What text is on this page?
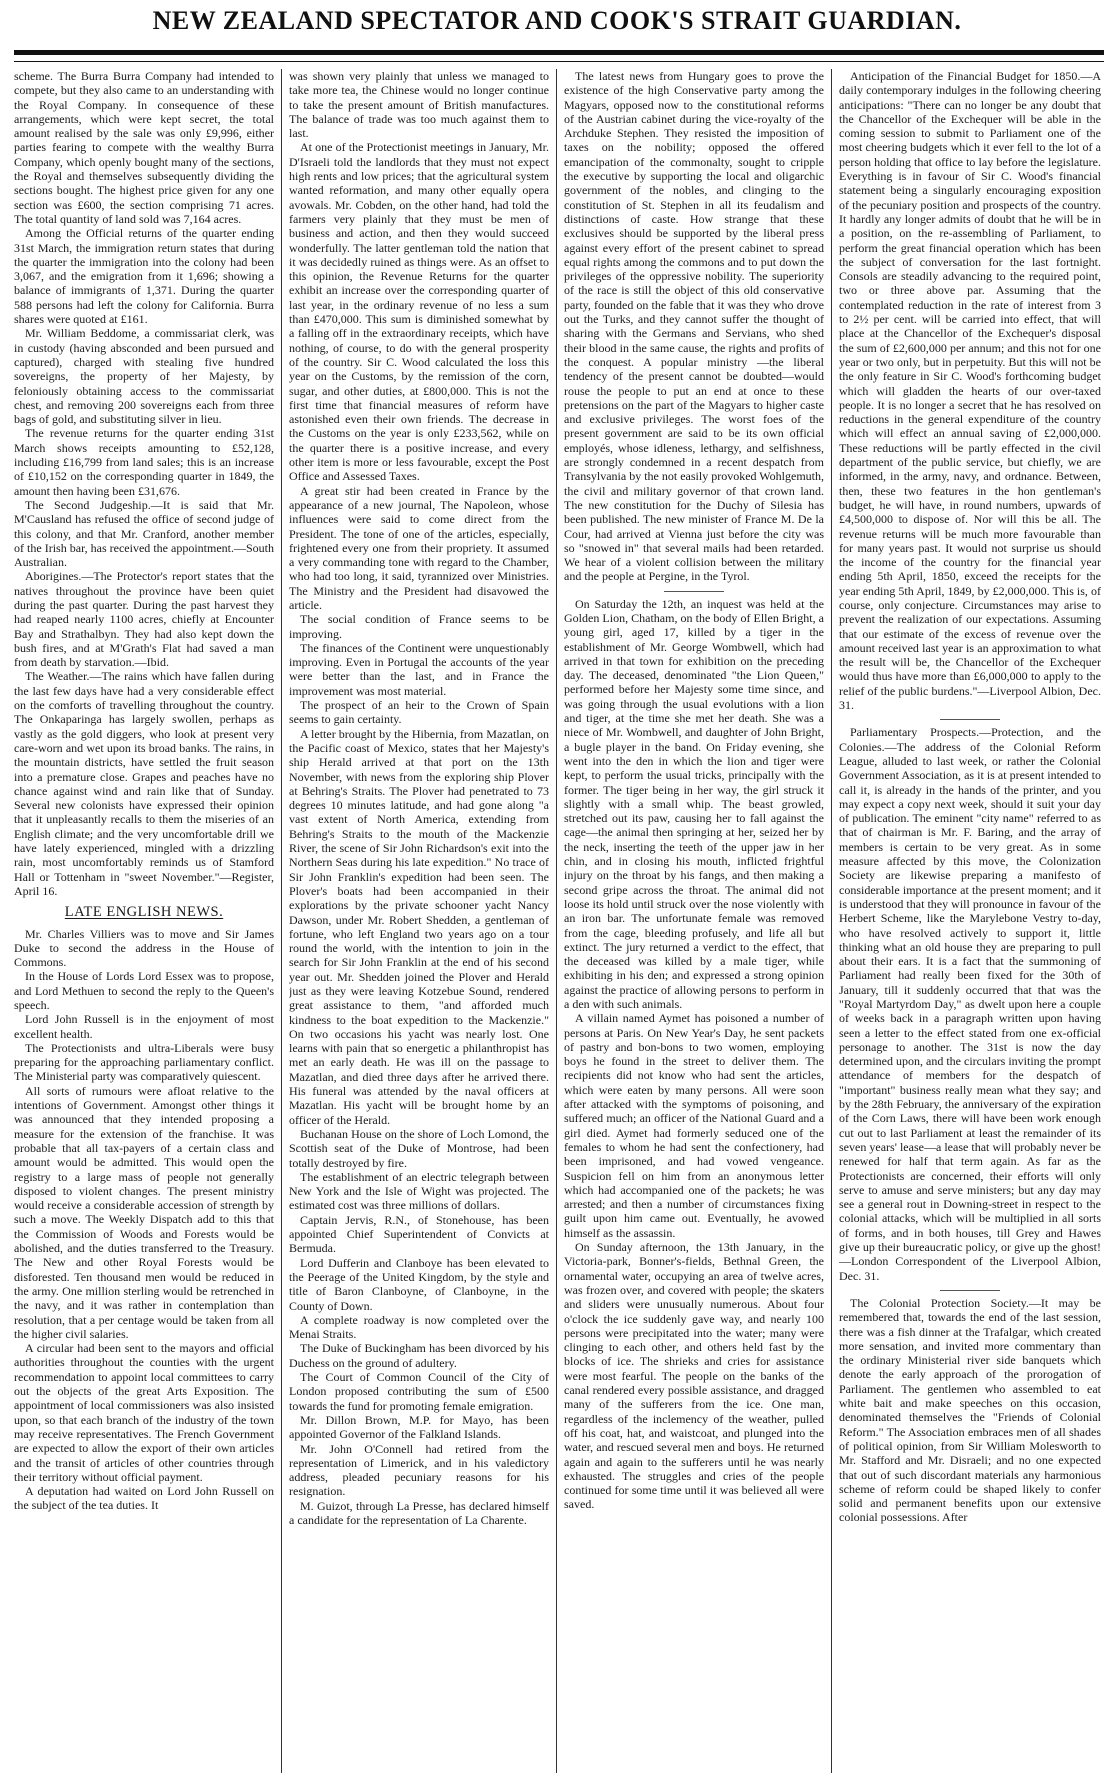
NEW ZEALAND SPECTATOR AND COOK'S STRAIT GUARDIAN.

scheme. The Burra Burra Company had intended to compete, but they also came to an understanding with the Royal Company. In consequence of these arrangements, which were kept secret, the total amount realised by the sale was only £9,996, either parties fearing to compete with the wealthy Burra Company, which openly bought many of the sections, the Royal and themselves subsequently dividing the sections bought. The highest price given for any one section was £600, the section comprising 71 acres. The total quantity of land sold was 7,164 acres.

Among the Official returns of the quarter ending 31st March, the immigration return states that during the quarter the immigration into the colony had been 3,067, and the emigration from it 1,696; showing a balance of immigrants of 1,371. During the quarter 588 persons had left the colony for California. Burra shares were quoted at £161.

Mr. William Beddome, a commissariat clerk, was in custody (having absconded and been pursued and captured), charged with stealing five hundred sovereigns, the property of her Majesty, by feloniously obtaining access to the commissariat chest, and removing 200 sovereigns each from three bags of gold, and substituting silver in lieu.

The revenue returns for the quarter ending 31st March shows receipts amounting to £52,128, including £16,799 from land sales; this is an increase of £10,152 on the corresponding quarter in 1849, the amount then having been £31,676.

The Second Judgeship.—It is said that Mr. M'Causland has refused the office of second judge of this colony, and that Mr. Cranford, another member of the Irish bar, has received the appointment.—South Australian.

Aborigines.—The Protector's report states that the natives throughout the province have been quiet during the past quarter. During the past harvest they had reaped nearly 1100 acres, chiefly at Encounter Bay and Strathalbyn. They had also kept down the bush fires, and at M'Grath's Flat had saved a man from death by starvation.—Ibid.

The Weather.—The rains which have fallen during the last few days have had a very considerable effect on the comforts of travelling throughout the country. The Onkaparinga has largely swollen, perhaps as vastly as the gold diggers, who look at present very care-worn and wet upon its broad banks. The rains, in the mountain districts, have settled the fruit season into a premature close. Grapes and peaches have no chance against wind and rain like that of Sunday. Several new colonists have expressed their opinion that it unpleasantly recalls to them the miseries of an English climate; and the very uncomfortable drill we have lately experienced, mingled with a drizzling rain, most uncomfortably reminds us of Stamford Hall or Tottenham in "sweet November."—Register, April 16.

LATE ENGLISH NEWS.

Mr. Charles Villiers was to move and Sir James Duke to second the address in the House of Commons.

In the House of Lords Lord Essex was to propose, and Lord Methuen to second the reply to the Queen's speech.

Lord John Russell is in the enjoyment of most excellent health.

The Protectionists and ultra-Liberals were busy preparing for the approaching parliamentary conflict. The Ministerial party was comparatively quiescent.

All sorts of rumours were afloat relative to the intentions of Government. Amongst other things it was announced that they intended proposing a measure for the extension of the franchise. It was probable that all tax-payers of a certain class and amount would be admitted. This would open the registry to a large mass of people not generally disposed to violent changes. The present ministry would receive a considerable accession of strength by such a move. The Weekly Dispatch add to this that the Commission of Woods and Forests would be abolished, and the duties transferred to the Treasury. The New and other Royal Forests would be disforested. Ten thousand men would be reduced in the army. One million sterling would be retrenched in the navy, and it was rather in contemplation than resolution, that a per centage would be taken from all the higher civil salaries.

A circular had been sent to the mayors and official authorities throughout the counties with the urgent recommendation to appoint local committees to carry out the objects of the great Arts Exposition. The appointment of local commissioners was also insisted upon, so that each branch of the industry of the town may receive representatives. The French Government are expected to allow the export of their own articles and the transit of articles of other countries through their territory without official payment.

A deputation had waited on Lord John Russell on the subject of the tea duties. It

was shown very plainly that unless we managed to take more tea, the Chinese would no longer continue to take the present amount of British manufactures. The balance of trade was too much against them to last.

At one of the Protectionist meetings in January, Mr. D'Israeli told the landlords that they must not expect high rents and low prices; that the agricultural system wanted reformation, and many other equally opera avowals. Mr. Cobden, on the other hand, had told the farmers very plainly that they must be men of business and action, and then they would succeed wonderfully. The latter gentleman told the nation that it was decidedly ruined as things were. As an offset to this opinion, the Revenue Returns for the quarter exhibit an increase over the corresponding quarter of last year, in the ordinary revenue of no less a sum than £470,000. This sum is diminished somewhat by a falling off in the extraordinary receipts, which have nothing, of course, to do with the general prosperity of the country. Sir C. Wood calculated the loss this year on the Customs, by the remission of the corn, sugar, and other duties, at £800,000. This is not the first time that financial measures of reform have astonished even their own friends. The decrease in the Customs on the year is only £233,562, while on the quarter there is a positive increase, and every other item is more or less favourable, except the Post Office and Assessed Taxes.

A great stir had been created in France by the appearance of a new journal, The Napoleon, whose influences were said to come direct from the President. The tone of one of the articles, especially, frightened every one from their propriety. It assumed a very commanding tone with regard to the Chamber, who had too long, it said, tyrannized over Ministries. The Ministry and the President had disavowed the article.

The social condition of France seems to be improving.

The finances of the Continent were unquestionably improving. Even in Portugal the accounts of the year were better than the last, and in France the improvement was most material.

The prospect of an heir to the Crown of Spain seems to gain certainty.

A letter brought by the Hibernia, from Mazatlan, on the Pacific coast of Mexico, states that her Majesty's ship Herald arrived at that port on the 13th November, with news from the exploring ship Plover at Behring's Straits. The Plover had penetrated to 73 degrees 10 minutes latitude, and had gone along "a vast extent of North America, extending from Behring's Straits to the mouth of the Mackenzie River, the scene of Sir John Richardson's exit into the Northern Seas during his late expedition." No trace of Sir John Franklin's expedition had been seen. The Plover's boats had been accompanied in their explorations by the private schooner yacht Nancy Dawson, under Mr. Robert Shedden, a gentleman of fortune, who left England two years ago on a tour round the world, with the intention to join in the search for Sir John Franklin at the end of his second year out. Mr. Shedden joined the Plover and Herald just as they were leaving Kotzebue Sound, rendered great assistance to them, "and afforded much kindness to the boat expedition to the Mackenzie." On two occasions his yacht was nearly lost. One learns with pain that so energetic a philanthropist has met an early death. He was ill on the passage to Mazatlan, and died three days after he arrived there. His funeral was attended by the naval officers at Mazatlan. His yacht will be brought home by an officer of the Herald.

Buchanan House on the shore of Loch Lomond, the Scottish seat of the Duke of Montrose, had been totally destroyed by fire.

The establishment of an electric telegraph between New York and the Isle of Wight was projected. The estimated cost was three millions of dollars.

Captain Jervis, R.N., of Stonehouse, has been appointed Chief Superintendent of Convicts at Bermuda.

Lord Dufferin and Clanboye has been elevated to the Peerage of the United Kingdom, by the style and title of Baron Clanboyne, of Clanboyne, in the County of Down.

A complete roadway is now completed over the Menai Straits.

The Duke of Buckingham has been divorced by his Duchess on the ground of adultery.

The Court of Common Council of the City of London proposed contributing the sum of £500 towards the fund for promoting female emigration.

Mr. Dillon Brown, M.P. for Mayo, has been appointed Governor of the Falkland Islands.

Mr. John O'Connell had retired from the representation of Limerick, and in his valedictory address, pleaded pecuniary reasons for his resignation.

M. Guizot, through La Presse, has declared himself a candidate for the representation of La Charente.

The latest news from Hungary goes to prove the existence of the high Conservative party among the Magyars, opposed now to the constitutional reforms of the Austrian cabinet during the vice-royalty of the Archduke Stephen. They resisted the imposition of taxes on the nobility; opposed the offered emancipation of the commonalty, sought to cripple the executive by supporting the local and oligarchic government of the nobles, and clinging to the constitution of St. Stephen in all its feudalism and distinctions of caste. How strange that these exclusives should be supported by the liberal press against every effort of the present cabinet to spread equal rights among the commons and to put down the privileges of the oppressive nobility. The superiority of the race is still the object of this old conservative party, founded on the fable that it was they who drove out the Turks, and they cannot suffer the thought of sharing with the Germans and Servians, who shed their blood in the same cause, the rights and profits of the conquest. A popular ministry —the liberal tendency of the present cannot be doubted—would rouse the people to put an end at once to these pretensions on the part of the Magyars to higher caste and exclusive privileges. The worst foes of the present government are said to be its own official employés, whose idleness, lethargy, and selfishness, are strongly condemned in a recent despatch from Transylvania by the not easily provoked Wohlgemuth, the civil and military governor of that crown land. The new constitution for the Duchy of Silesia has been published. The new minister of France M. De la Cour, had arrived at Vienna just before the city was so "snowed in" that several mails had been retarded. We hear of a violent collision between the military and the people at Pergine, in the Tyrol.

On Saturday the 12th, an inquest was held at the Golden Lion, Chatham, on the body of Ellen Bright, a young girl, aged 17, killed by a tiger in the establishment of Mr. George Wombwell, which had arrived in that town for exhibition on the preceding day. The deceased, denominated "the Lion Queen," performed before her Majesty some time since, and was going through the usual evolutions with a lion and tiger, at the time she met her death. She was a niece of Mr. Wombwell, and daughter of John Bright, a bugle player in the band. On Friday evening, she went into the den in which the lion and tiger were kept, to perform the usual tricks, principally with the former. The tiger being in her way, the girl struck it slightly with a small whip. The beast growled, stretched out its paw, causing her to fall against the cage—the animal then springing at her, seized her by the neck, inserting the teeth of the upper jaw in her chin, and in closing his mouth, inflicted frightful injury on the throat by his fangs, and then making a second gripe across the throat. The animal did not loose its hold until struck over the nose violently with an iron bar. The unfortunate female was removed from the cage, bleeding profusely, and life all but extinct. The jury returned a verdict to the effect, that the deceased was killed by a male tiger, while exhibiting in his den; and expressed a strong opinion against the practice of allowing persons to perform in a den with such animals.

A villain named Aymet has poisoned a number of persons at Paris. On New Year's Day, he sent packets of pastry and bon-bons to two women, employing boys he found in the street to deliver them. The recipients did not know who had sent the articles, which were eaten by many persons. All were soon after attacked with the symptoms of poisoning, and suffered much; an officer of the National Guard and a girl died. Aymet had formerly seduced one of the females to whom he had sent the confectionery, had been imprisoned, and had vowed vengeance. Suspicion fell on him from an anonymous letter which had accompanied one of the packets; he was arrested; and then a number of circumstances fixing guilt upon him came out. Eventually, he avowed himself as the assassin.

On Sunday afternoon, the 13th January, in the Victoria-park, Bonner's-fields, Bethnal Green, the ornamental water, occupying an area of twelve acres, was frozen over, and covered with people; the skaters and sliders were unusually numerous. About four o'clock the ice suddenly gave way, and nearly 100 persons were precipitated into the water; many were clinging to each other, and others held fast by the blocks of ice. The shrieks and cries for assistance were most fearful. The people on the banks of the canal rendered every possible assistance, and dragged many of the sufferers from the ice. One man, regardless of the inclemency of the weather, pulled off his coat, hat, and waistcoat, and plunged into the water, and rescued several men and boys. He returned again and again to the sufferers until he was nearly exhausted. The struggles and cries of the people continued for some time until it was believed all were saved.

Anticipation of the Financial Budget for 1850.—A daily contemporary indulges in the following cheering anticipations: "There can no longer be any doubt that the Chancellor of the Exchequer will be able in the coming session to submit to Parliament one of the most cheering budgets which it ever fell to the lot of a person holding that office to lay before the legislature. Everything is in favour of Sir C. Wood's financial statement being a singularly encouraging exposition of the pecuniary position and prospects of the country. It hardly any longer admits of doubt that he will be in a position, on the re-assembling of Parliament, to perform the great financial operation which has been the subject of conversation for the last fortnight. Consols are steadily advancing to the required point, two or three above par. Assuming that the contemplated reduction in the rate of interest from 3 to 2½ per cent. will be carried into effect, that will place at the Chancellor of the Exchequer's disposal the sum of £2,600,000 per annum; and this not for one year or two only, but in perpetuity. But this will not be the only feature in Sir C. Wood's forthcoming budget which will gladden the hearts of our over-taxed people. It is no longer a secret that he has resolved on reductions in the general expenditure of the country which will effect an annual saving of £2,000,000. These reductions will be partly effected in the civil department of the public service, but chiefly, we are informed, in the army, navy, and ordnance. Between, then, these two features in the hon gentleman's budget, he will have, in round numbers, upwards of £4,500,000 to dispose of. Nor will this be all. The revenue returns will be much more favourable than for many years past. It would not surprise us should the income of the country for the financial year ending 5th April, 1850, exceed the receipts for the year ending 5th April, 1849, by £2,000,000. This is, of course, only conjecture. Circumstances may arise to prevent the realization of our expectations. Assuming that our estimate of the excess of revenue over the amount received last year is an approximation to what the result will be, the Chancellor of the Exchequer would thus have more than £6,000,000 to apply to the relief of the public burdens."—Liverpool Albion, Dec. 31.

Parliamentary Prospects.—Protection, and the Colonies.—The address of the Colonial Reform League, alluded to last week, or rather the Colonial Government Association, as it is at present intended to call it, is already in the hands of the printer, and you may expect a copy next week, should it suit your day of publication. The eminent "city name" referred to as that of chairman is Mr. F. Baring, and the array of members is certain to be very great. As in some measure affected by this move, the Colonization Society are likewise preparing a manifesto of considerable importance at the present moment; and it is understood that they will pronounce in favour of the Herbert Scheme, like the Marylebone Vestry to-day, who have resolved actively to support it, little thinking what an old house they are preparing to pull about their ears. It is a fact that the summoning of Parliament had really been fixed for the 30th of January, till it suddenly occurred that that was the "Royal Martyrdom Day," as dwelt upon here a couple of weeks back in a paragraph written upon having seen a letter to the effect stated from one ex-official personage to another. The 31st is now the day determined upon, and the circulars inviting the prompt attendance of members for the despatch of "important" business really mean what they say; and by the 28th February, the anniversary of the expiration of the Corn Laws, there will have been work enough cut out to last Parliament at least the remainder of its seven years' lease—a lease that will probably never be renewed for half that term again. As far as the Protectionists are concerned, their efforts will only serve to amuse and serve ministers; but any day may see a general rout in Downing-street in respect to the colonial attacks, which will be multiplied in all sorts of forms, and in both houses, till Grey and Hawes give up their bureaucratic policy, or give up the ghost!—London Correspondent of the Liverpool Albion, Dec. 31.

The Colonial Protection Society.—It may be remembered that, towards the end of the last session, there was a fish dinner at the Trafalgar, which created more sensation, and invited more commentary than the ordinary Ministerial river side banquets which denote the early approach of the prorogation of Parliament. The gentlemen who assembled to eat white bait and make speeches on this occasion, denominated themselves the "Friends of Colonial Reform." The Association embraces men of all shades of political opinion, from Sir William Molesworth to Mr. Stafford and Mr. Disraeli; and no one expected that out of such discordant materials any harmonious scheme of reform could be shaped likely to confer solid and permanent benefits upon our extensive colonial possessions. After
